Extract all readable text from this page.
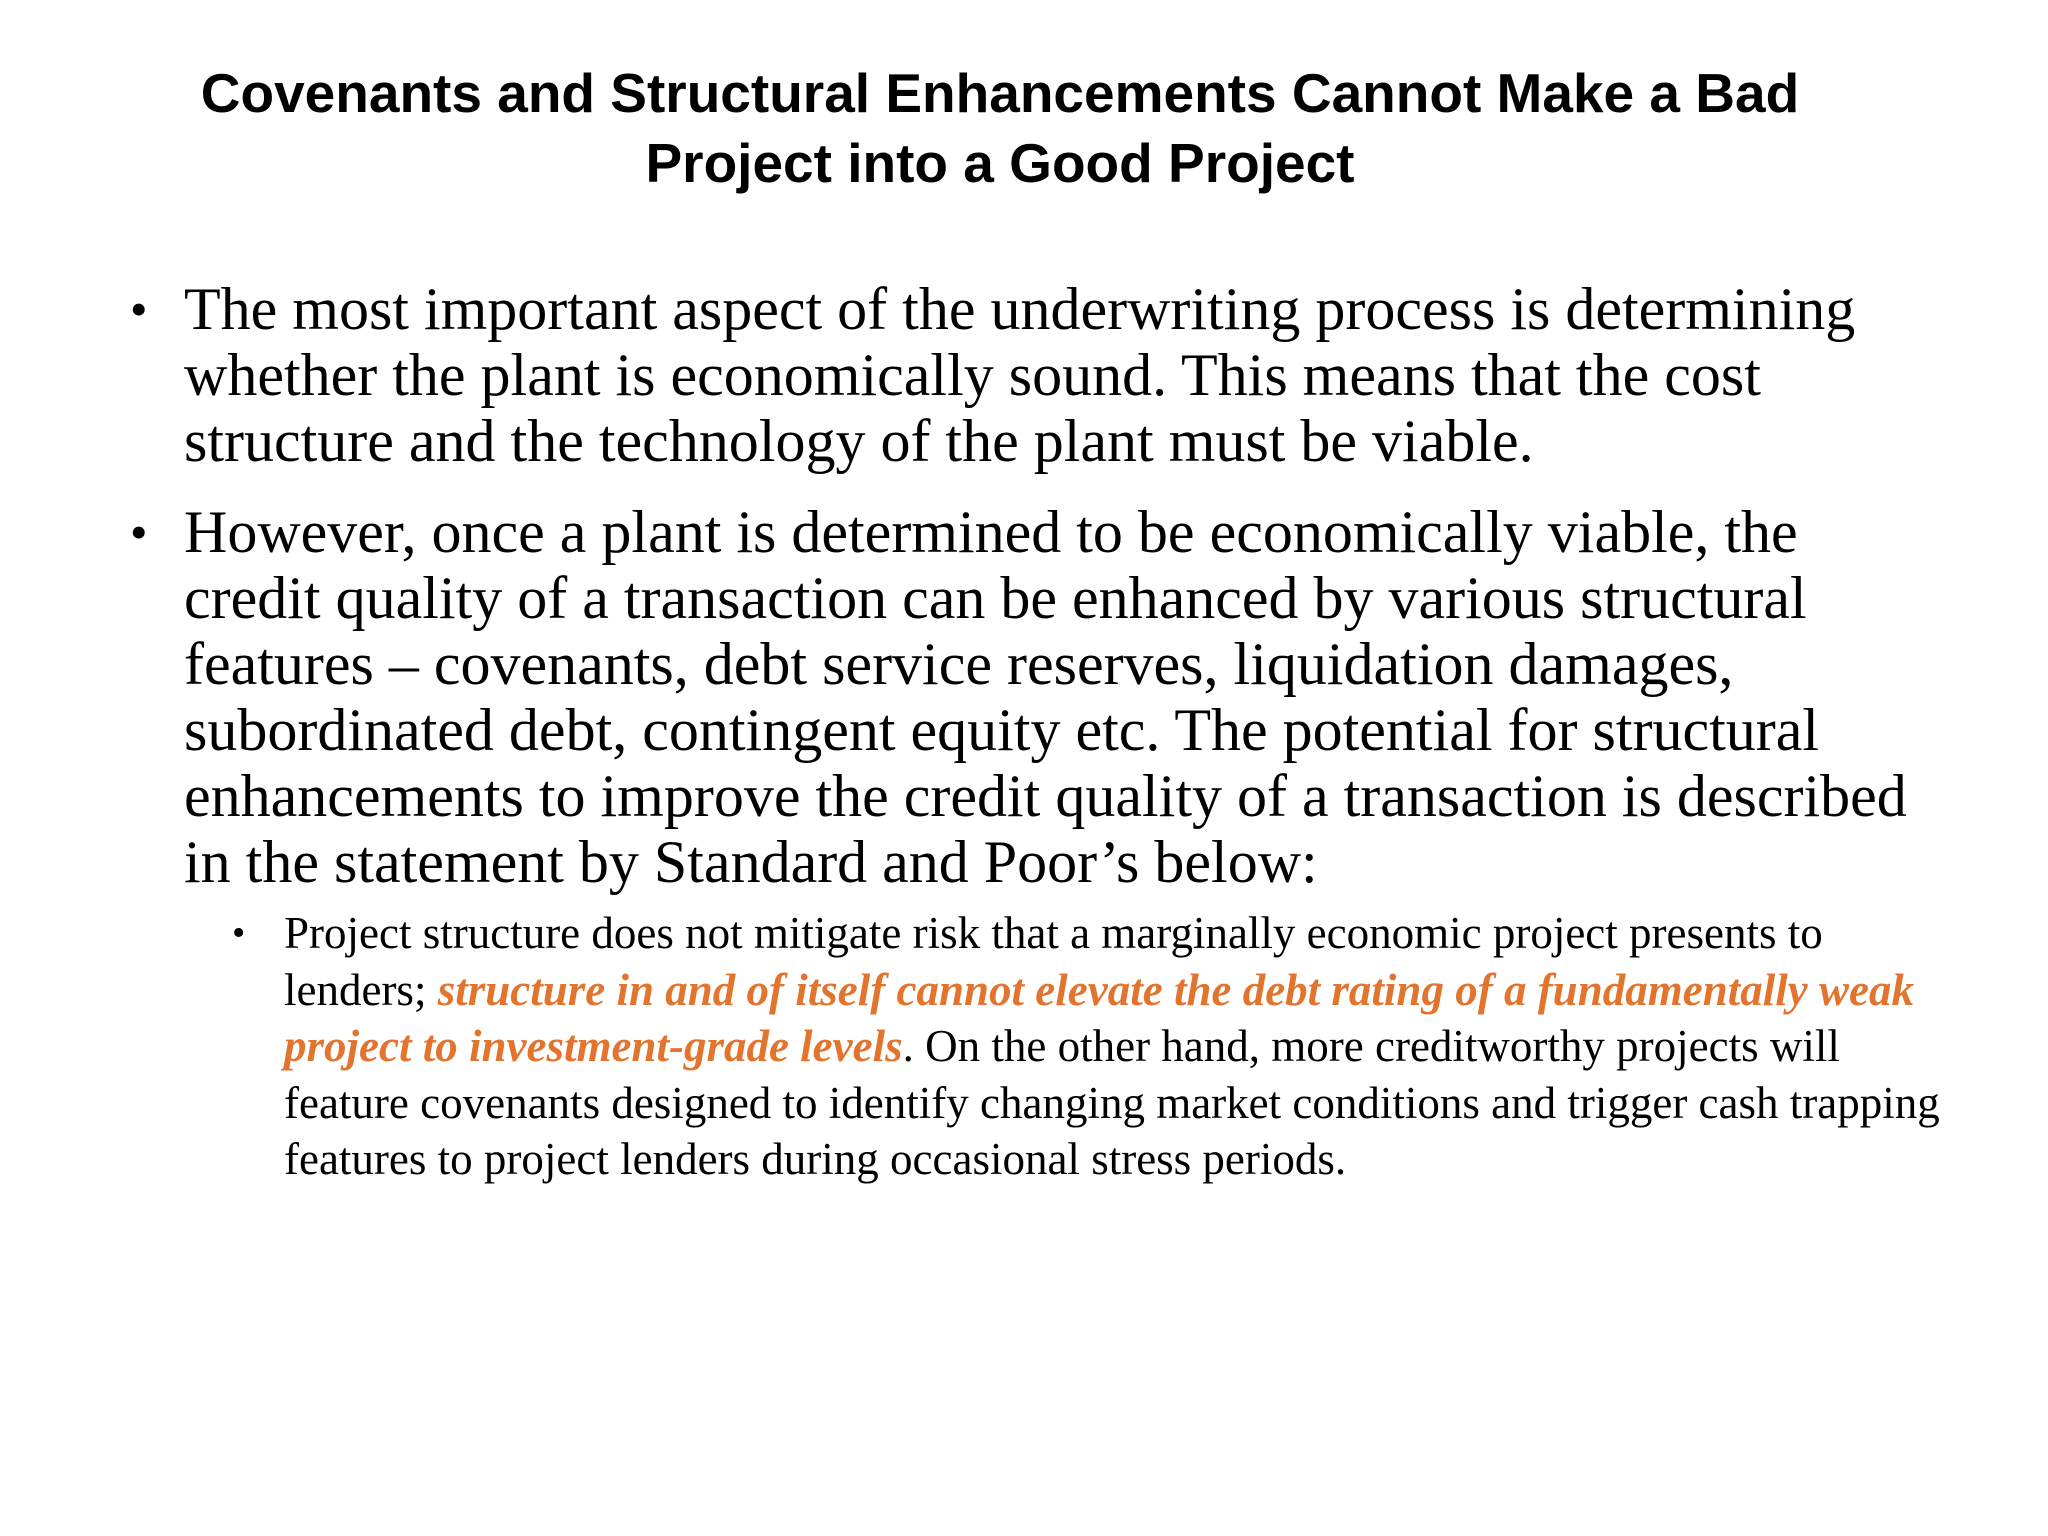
Covenants and Structural Enhancements Cannot Make a Bad
Project into a Good Project
• The most important aspect of the underwriting process is determining whether the plant is economically sound. This means that the cost structure and the technology of the plant must be viable.
• However, once a plant is determined to be economically viable, the credit quality of a transaction can be enhanced by various structural features – covenants, debt service reserves, liquidation damages, subordinated debt, contingent equity etc. The potential for structural enhancements to improve the credit quality of a transaction is described in the statement by Standard and Poor’s below:
• Project structure does not mitigate risk that a marginally economic project presents to lenders; structure in and of itself cannot elevate the debt rating of a fundamentally weak project to investment-grade levels. On the other hand, more creditworthy projects will feature covenants designed to identify changing market conditions and trigger cash trapping features to project lenders during occasional stress periods.
